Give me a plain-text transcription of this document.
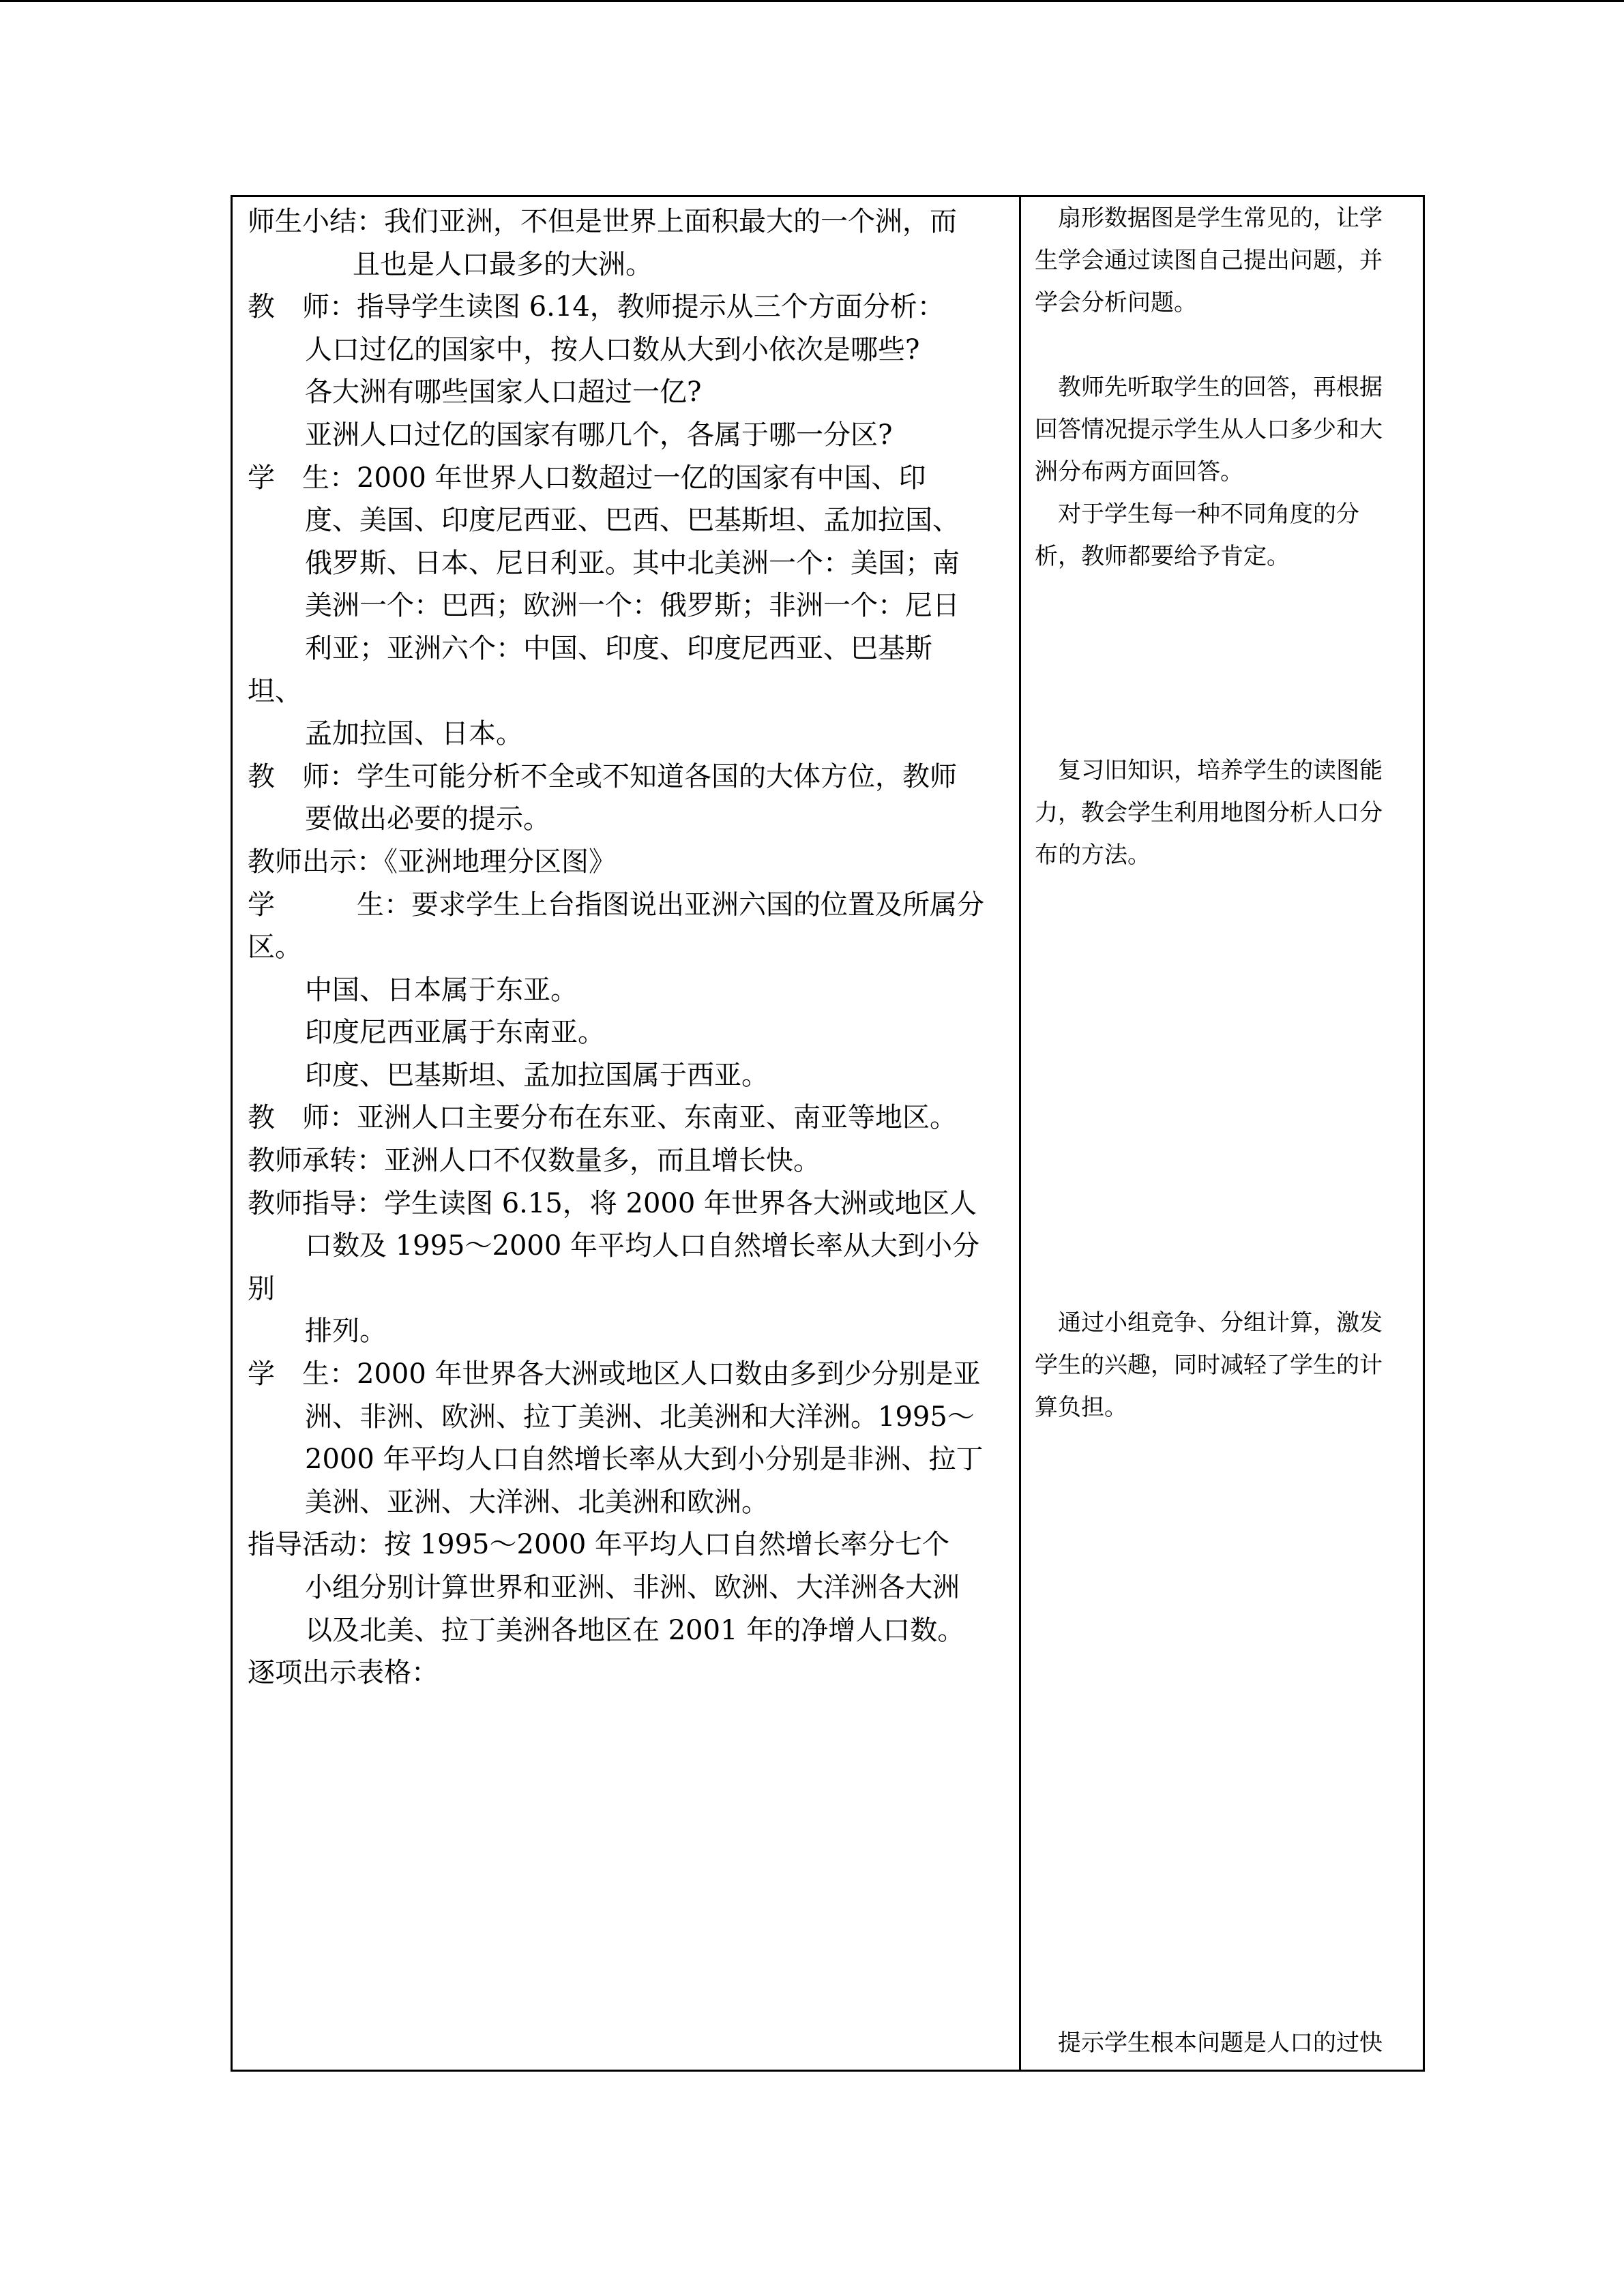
师生小结：我们亚洲，不但是世界上面积最大的一个洲，而
且也是人口最多的大洲。
教　师：指导学生读图 6.14，教师提示从三个方面分析：
人口过亿的国家中，按人口数从大到小依次是哪些?
各大洲有哪些国家人口超过一亿?
亚洲人口过亿的国家有哪几个，各属于哪一分区?
学　生：2000 年世界人口数超过一亿的国家有中国、印
度、美国、印度尼西亚、巴西、巴基斯坦、孟加拉国、
俄罗斯、日本、尼日利亚。其中北美洲一个：美国；南
美洲一个：巴西；欧洲一个：俄罗斯；非洲一个：尼日
利亚；亚洲六个：中国、印度、印度尼西亚、巴基斯
坦、
孟加拉国、日本。
教　师：学生可能分析不全或不知道各国的大体方位，教师
要做出必要的提示。
教师出示：《亚洲地理分区图》
学　　　生：要求学生上台指图说出亚洲六国的位置及所属分
区。
中国、日本属于东亚。
印度尼西亚属于东南亚。
印度、巴基斯坦、孟加拉国属于西亚。
教　师：亚洲人口主要分布在东亚、东南亚、南亚等地区。
教师承转：亚洲人口不仅数量多，而且增长快。
教师指导：学生读图 6.15，将 2000 年世界各大洲或地区人
口数及 1995～2000 年平均人口自然增长率从大到小分
别
排列。
学　生：2000 年世界各大洲或地区人口数由多到少分别是亚
洲、非洲、欧洲、拉丁美洲、北美洲和大洋洲。1995～
2000 年平均人口自然增长率从大到小分别是非洲、拉丁
美洲、亚洲、大洋洲、北美洲和欧洲。
指导活动：按 1995～2000 年平均人口自然增长率分七个
小组分别计算世界和亚洲、非洲、欧洲、大洋洲各大洲
以及北美、拉丁美洲各地区在 2001 年的净增人口数。
逐项出示表格：
　扇形数据图是学生常见的，让学
生学会通过读图自己提出问题，并
学会分析问题。
　教师先听取学生的回答，再根据
回答情况提示学生从人口多少和大
洲分布两方面回答。
　对于学生每一种不同角度的分
析，教师都要给予肯定。
　复习旧知识，培养学生的读图能
力，教会学生利用地图分析人口分
布的方法。
　通过小组竞争、分组计算，激发
学生的兴趣，同时减轻了学生的计
算负担。
　提示学生根本问题是人口的过快
